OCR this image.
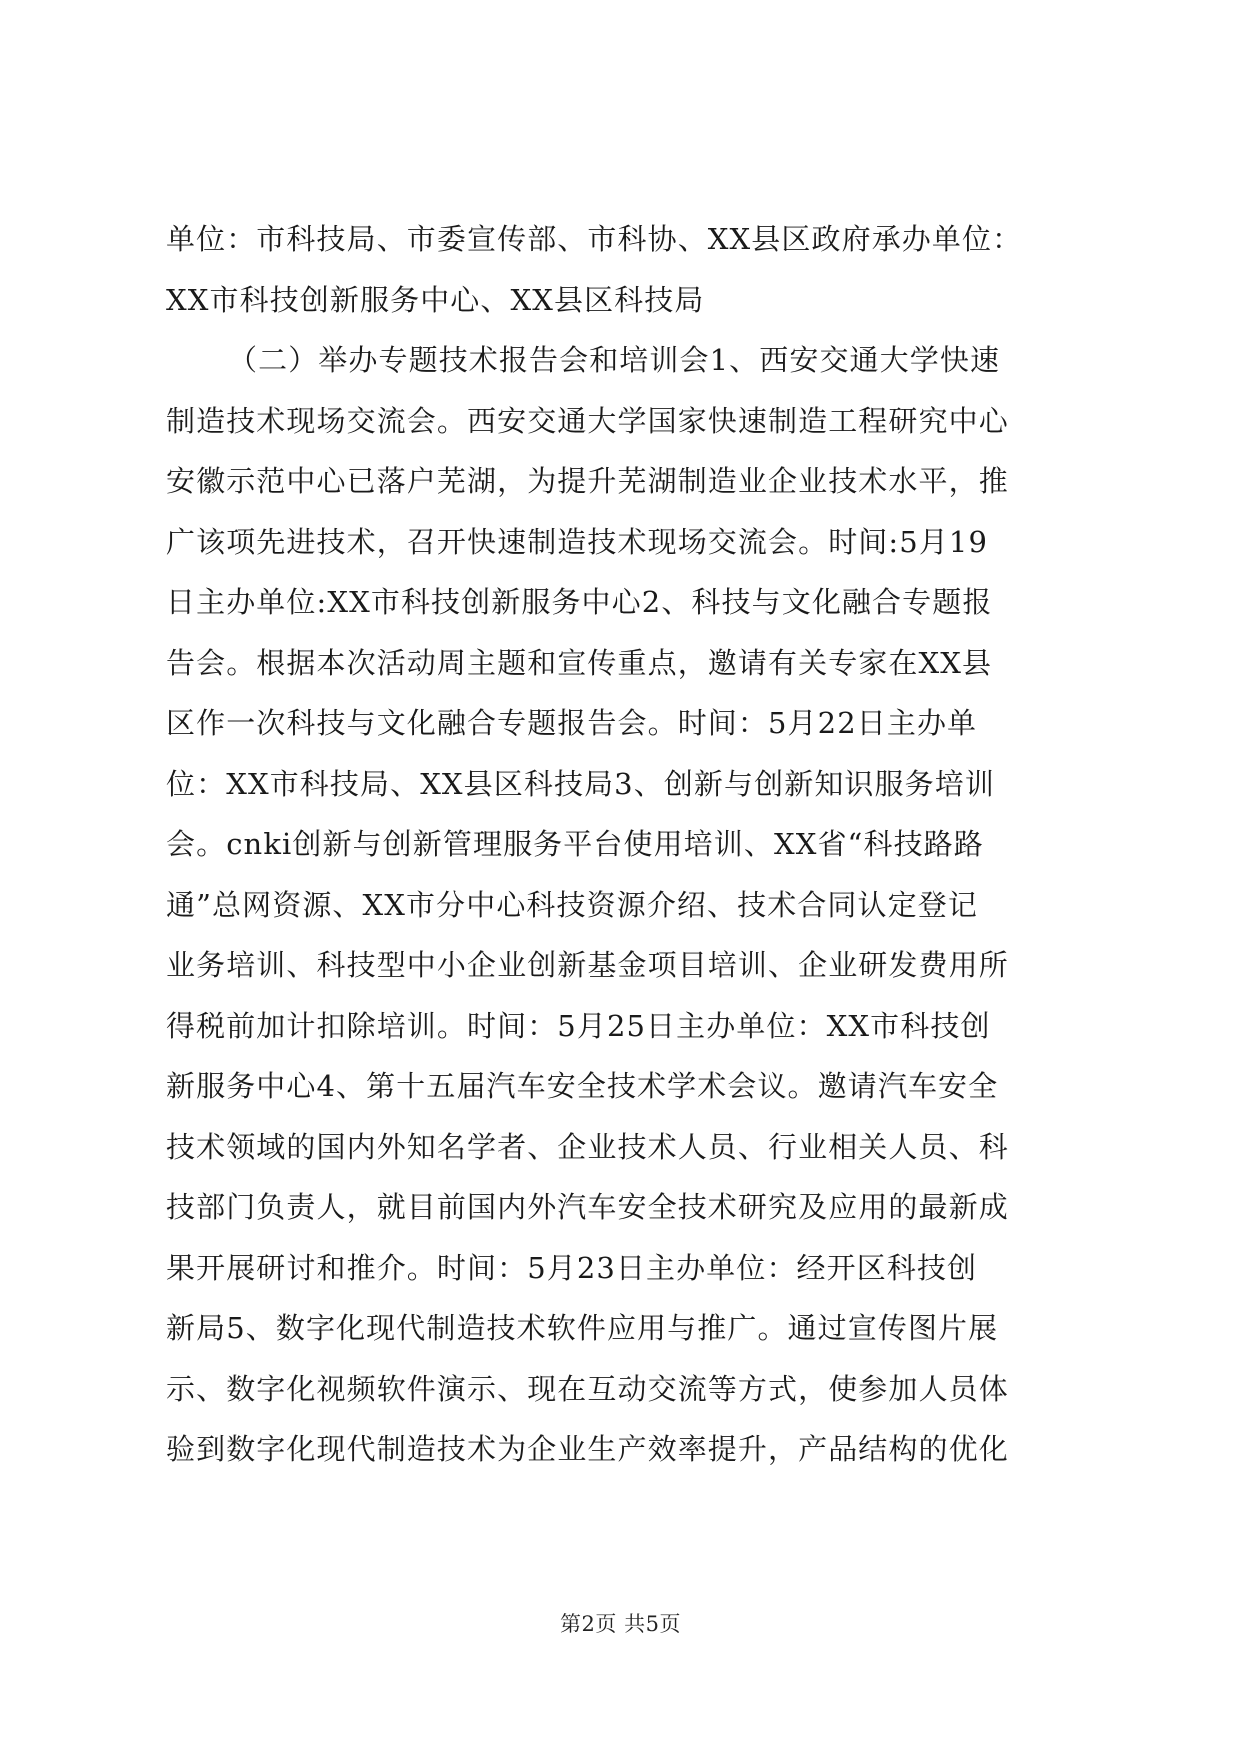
单位：市科技局、市委宣传部、市科协、XX县区政府承办单位：
XX市科技创新服务中心、XX县区科技局
（二）举办专题技术报告会和培训会1、西安交通大学快速
制造技术现场交流会。西安交通大学国家快速制造工程研究中心
安徽示范中心已落户芜湖，为提升芜湖制造业企业技术水平，推
广该项先进技术，召开快速制造技术现场交流会。时间:5月19
日主办单位:XX市科技创新服务中心2、科技与文化融合专题报
告会。根据本次活动周主题和宣传重点，邀请有关专家在XX县
区作一次科技与文化融合专题报告会。时间：5月22日主办单
位：XX市科技局、XX县区科技局3、创新与创新知识服务培训
会。cnki创新与创新管理服务平台使用培训、XX省“科技路路
通”总网资源、XX市分中心科技资源介绍、技术合同认定登记
业务培训、科技型中小企业创新基金项目培训、企业研发费用所
得税前加计扣除培训。时间：5月25日主办单位：XX市科技创
新服务中心4、第十五届汽车安全技术学术会议。邀请汽车安全
技术领域的国内外知名学者、企业技术人员、行业相关人员、科
技部门负责人，就目前国内外汽车安全技术研究及应用的最新成
果开展研讨和推介。时间：5月23日主办单位：经开区科技创
新局5、数字化现代制造技术软件应用与推广。通过宣传图片展
示、数字化视频软件演示、现在互动交流等方式，使参加人员体
验到数字化现代制造技术为企业生产效率提升，产品结构的优化
第2页 共5页
